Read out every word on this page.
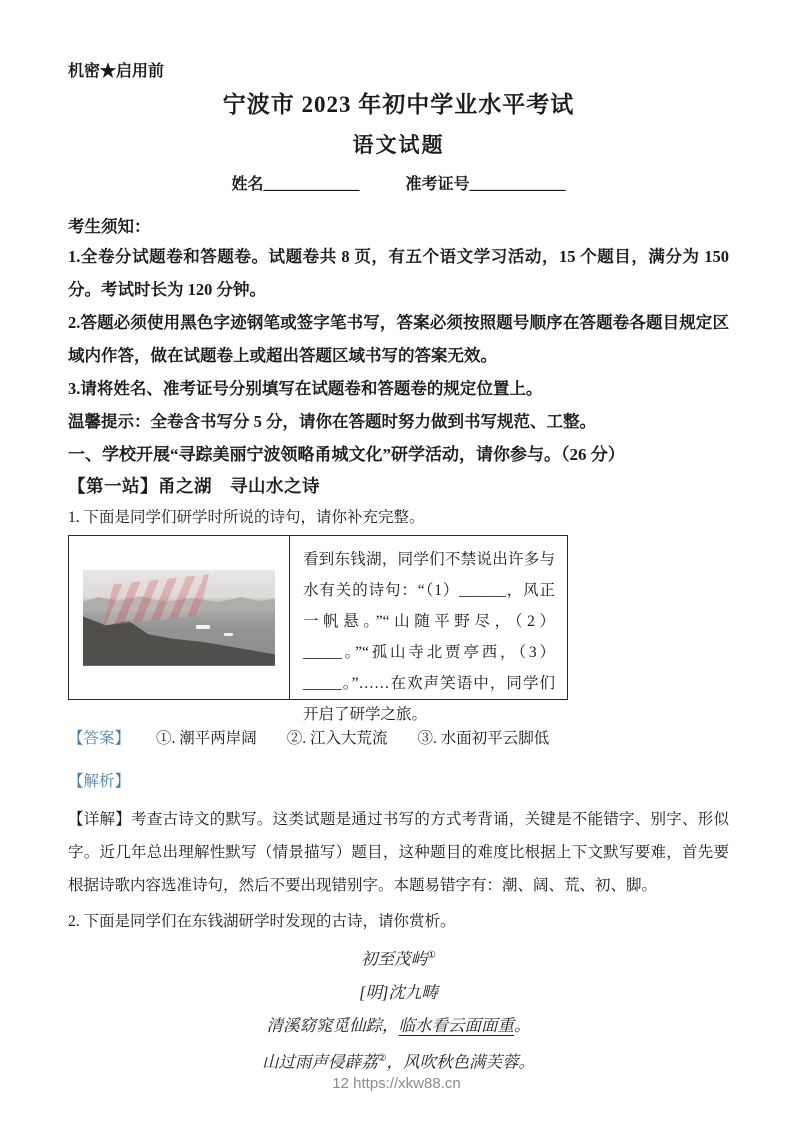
机密★启用前
宁波市 2023 年初中学业水平考试
语文试题
姓名____________	准考证号____________
考生须知：
1.全卷分试题卷和答题卷。试题卷共 8 页，有五个语文学习活动，15 个题目，满分为 150 分。考试时长为 120 分钟。
2.答题必须使用黑色字迹钢笔或签字笔书写，答案必须按照题号顺序在答题卷各题目规定区域内作答，做在试题卷上或超出答题区域书写的答案无效。
3.请将姓名、准考证号分别填写在试题卷和答题卷的规定位置上。
温馨提示：全卷含书写分 5 分，请你在答题时努力做到书写规范、工整。
一、学校开展“寻踪美丽宁波领略甬城文化”研学活动，请你参与。（26 分）
【第一站】甬之湖　寻山水之诗
1. 下面是同学们研学时所说的诗句，请你补充完整。
看到东钱湖，同学们不禁说出许多与水有关的诗句：“（1）______，风正一帆悬。”“山随平野尽，（2）_____。”“孤山寺北贾亭西，（3）_____。”……在欢声笑语中，同学们开启了研学之旅。
【答案】 ①. 潮平两岸阔 ②. 江入大荒流 ③. 水面初平云脚低
【解析】
【详解】考查古诗文的默写。这类试题是通过书写的方式考背诵，关键是不能错字、别字、形似字。近几年总出理解性默写（情景描写）题目，这种题目的难度比根据上下文默写要难，首先要根据诗歌内容选准诗句，然后不要出现错别字。本题易错字有：潮、阔、荒、初、脚。
2. 下面是同学们在东钱湖研学时发现的古诗，请你赏析。
初至茂屿①
[明]沈九畴
清溪窈窕觅仙踪，临水看云面面重。
山过雨声侵薜荔②，风吹秋色满芙蓉。
12 https://xkw88.cn
